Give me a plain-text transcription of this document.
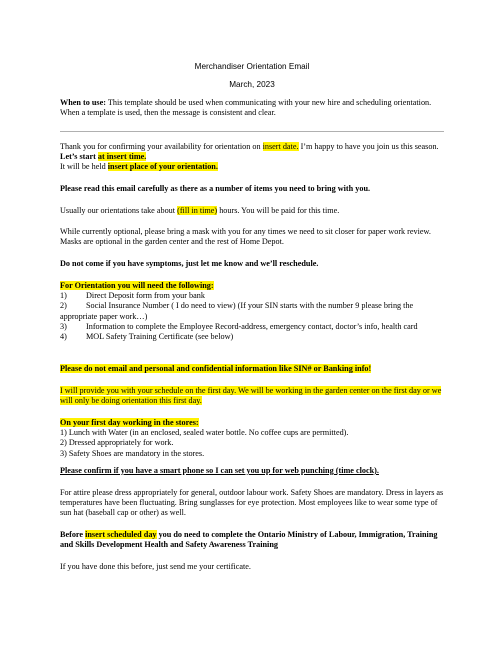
Merchandiser Orientation Email

March, 2023

When to use: This template should be used when communicating with your new hire and scheduling orientation. When a template is used, then the message is consistent and clear.

Thank you for confirming your availability for orientation on insert date. I’m happy to have you join us this season. Let’s start at insert time.
It will be held insert place of your orientation.

Please read this email carefully as there as a number of items you need to bring with you.

Usually our orientations take about (fill in time) hours. You will be paid for this time.

While currently optional, please bring a mask with you for any times we need to sit closer for paper work review. Masks are optional in the garden center and the rest of Home Depot.

Do not come if you have symptoms, just let me know and we’ll reschedule.

For Orientation you will need the following:
1) Direct Deposit form from your bank
2) Social Insurance Number ( I do need to view) (If your SIN starts with the number 9 please bring the appropriate paper work…)
3) Information to complete the Employee Record-address, emergency contact, doctor’s info, health card
4) MOL Safety Training Certificate (see below)

Please do not email and personal and confidential information like SIN# or Banking info!

I will provide you with your schedule on the first day. We will be working in the garden center on the first day or we will only be doing orientation this first day.

On your first day working in the stores:
1) Lunch with Water (in an enclosed, sealed water bottle. No coffee cups are permitted).
2) Dressed appropriately for work.
3) Safety Shoes are mandatory in the stores.

Please confirm if you have a smart phone so I can set you up for web punching (time clock).

For attire please dress appropriately for general, outdoor labour work. Safety Shoes are mandatory. Dress in layers as temperatures have been fluctuating. Bring sunglasses for eye protection. Most employees like to wear some type of sun hat (baseball cap or other) as well.

Before insert scheduled day you do need to complete the Ontario Ministry of Labour, Immigration, Training and Skills Development Health and Safety Awareness Training

If you have done this before, just send me your certificate.
